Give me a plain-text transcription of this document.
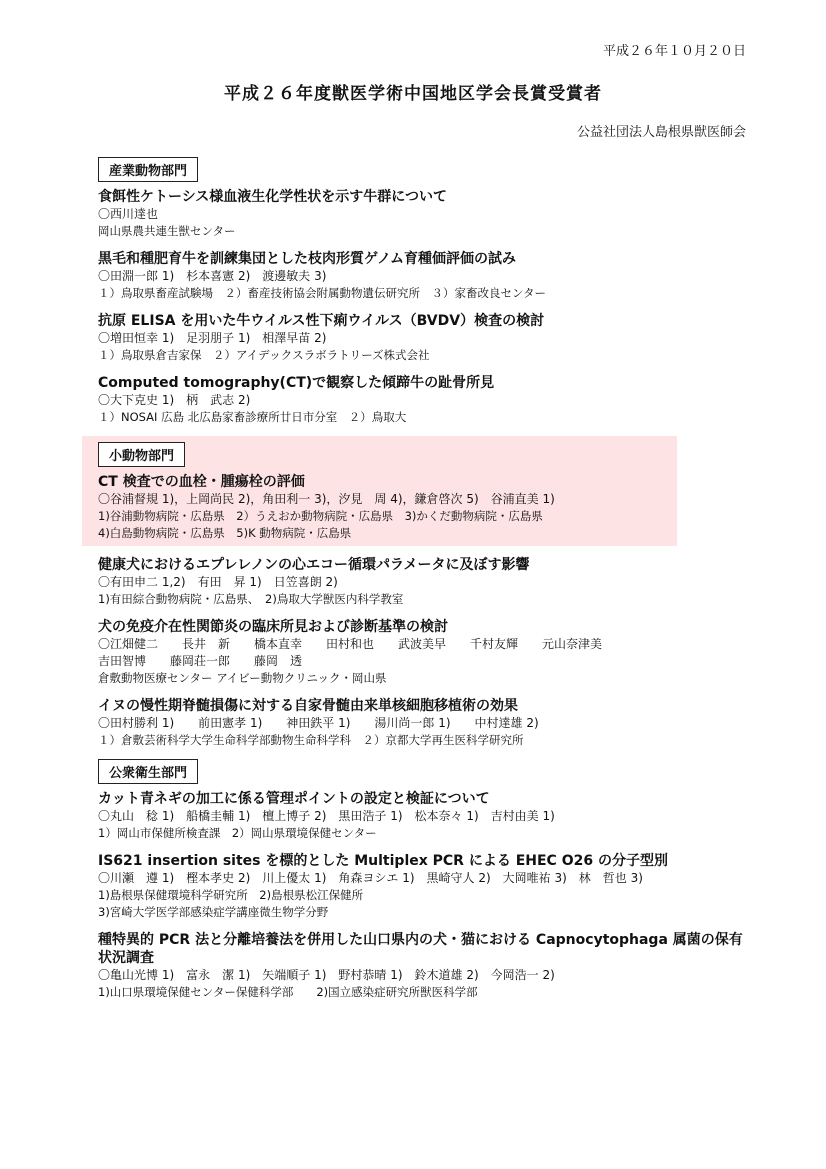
平成２６年１０月２０日
平成２６年度獣医学術中国地区学会長賞受賞者
公益社団法人島根県獣医師会
産業動物部門
食餌性ケトーシス様血液生化学性状を示す牛群について
〇西川達也
岡山県農共連生獣センター
黒毛和種肥育牛を訓練集団とした枝肉形質ゲノム育種価評価の試み
〇田淵一郎 1)　杉本喜憲 2)　渡邊敏夫 3)
１）鳥取県畜産試験場　２）畜産技術協会附属動物遺伝研究所　３）家畜改良センター
抗原 ELISA を用いた牛ウイルス性下痢ウイルス（BVDV）検査の検討
〇増田恒幸 1)　足羽朋子 1)　相澤早苗 2)
１）鳥取県倉吉家保　２）アイデックスラボラトリーズ株式会社
Computed tomography(CT)で観察した傾蹄牛の趾骨所見
〇大下克史 1)　柄　武志 2)
１）NOSAI 広島 北広島家畜診療所廿日市分室　２）鳥取大
小動物部門
CT 検査での血栓・腫瘍栓の評価
〇谷浦督規 1)，上岡尚民 2)，角田利一 3)，汐見　周 4)，鎌倉啓次 5)　谷浦直美 1)
1)谷浦動物病院・広島県　2）うえおか動物病院・広島県　3)かくだ動物病院・広島県
4)白島動物病院・広島県　5)K 動物病院・広島県
健康犬におけるエプレレノンの心エコー循環パラメータに及ぼす影響
〇有田申二 1,2)　有田　昇 1)　日笠喜朗 2)
1)有田綜合動物病院・広島県、　2)鳥取大学獣医内科学教室
犬の免疫介在性関節炎の臨床所見および診断基準の検討
〇江畑健二　　長井　新　　橋本直幸　　田村和也　　武波美早　　千村友輝　　元山奈津美
吉田智博　　藤岡荘一郎　　藤岡　透
倉敷動物医療センター アイビー動物クリニック・岡山県
イヌの慢性期脊髄損傷に対する自家骨髄由来単核細胞移植術の効果
〇田村勝利 1)　　前田憲孝 1)　　神田鉄平 1)　　湯川尚一郎 1)　　中村達雄 2)
１）倉敷芸術科学大学生命科学部動物生命科学科　２）京都大学再生医科学研究所
公衆衛生部門
カット青ネギの加工に係る管理ポイントの設定と検証について
〇丸山　稔 1)　船橋圭輔 1)　檀上博子 2)　黒田浩子 1)　松本奈々 1)　吉村由美 1)
1）岡山市保健所検査課　2）岡山県環境保健センター
IS621 insertion sites を標的とした Multiplex PCR による EHEC O26 の分子型別
〇川瀬　遵 1)　樫本孝史 2)　川上優太 1)　角森ヨシエ 1)　黒崎守人 2)　大岡唯祐 3)　林　哲也 3)
1)島根県保健環境科学研究所　2)島根県松江保健所
3)宮崎大学医学部感染症学講座微生物学分野
種特異的 PCR 法と分離培養法を併用した山口県内の犬・猫における Capnocytophaga 属菌の保有状況調査
〇亀山光博 1)　富永　潔 1)　矢端順子 1)　野村恭晴 1)　鈴木道雄 2)　今岡浩一 2)
1)山口県環境保健センター保健科学部　　2)国立感染症研究所獣医科学部
